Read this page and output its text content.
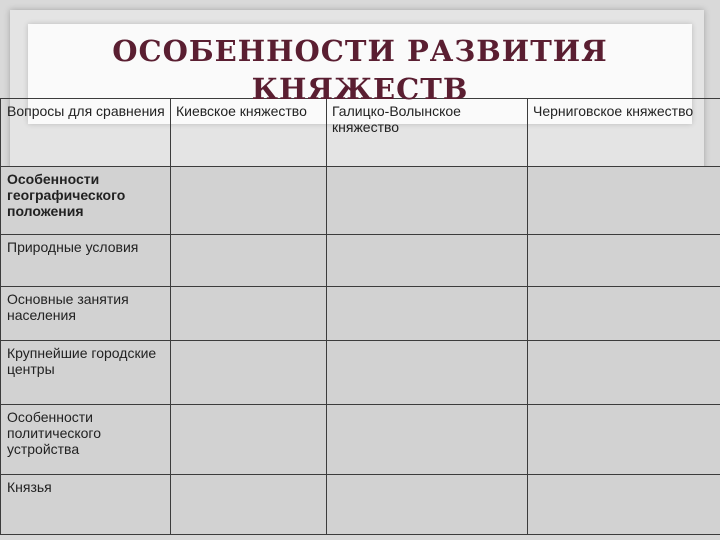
ОСОБЕННОСТИ РАЗВИТИЯ КНЯЖЕСТВ
Вопросы для сравнения	Киевское княжество	Галицко-Волынское княжество	Черниговское княжество
Особенности географического положения			
Природные условия			
Основные занятия населения			
Крупнейшие городские центры			
Особенности политического устройства			
Князья			
